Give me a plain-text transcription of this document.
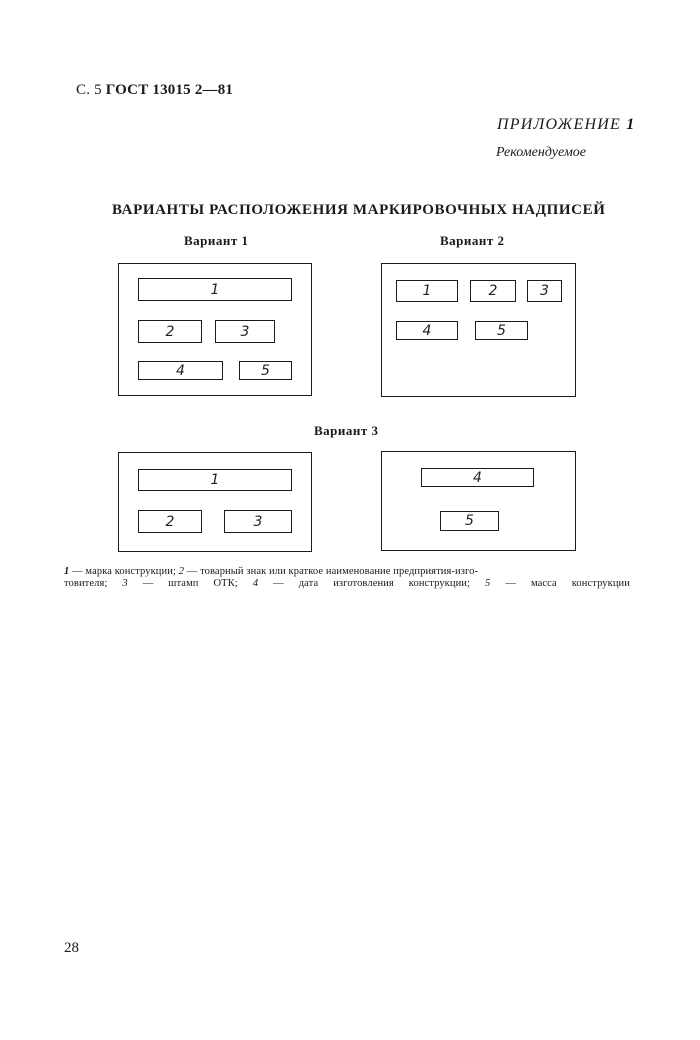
С. 5 ГОСТ 13015 2—81
ПРИЛОЖЕНИЕ 1
Рекомендуемое
ВАРИАНТЫ РАСПОЛОЖЕНИЯ МАРКИРОВОЧНЫХ НАДПИСЕЙ
Вариант 1
1
2	3
4	5
Вариант 2
1	2	3
4	5
Вариант 3
1
2	3
4
5
1 — марка конструкции; 2 — товарный знак или краткое наименование предприятия-изго-
товителя; 3 — штамп ОТК; 4 — дата изготовления конструкции; 5 — масса конструкции
28
